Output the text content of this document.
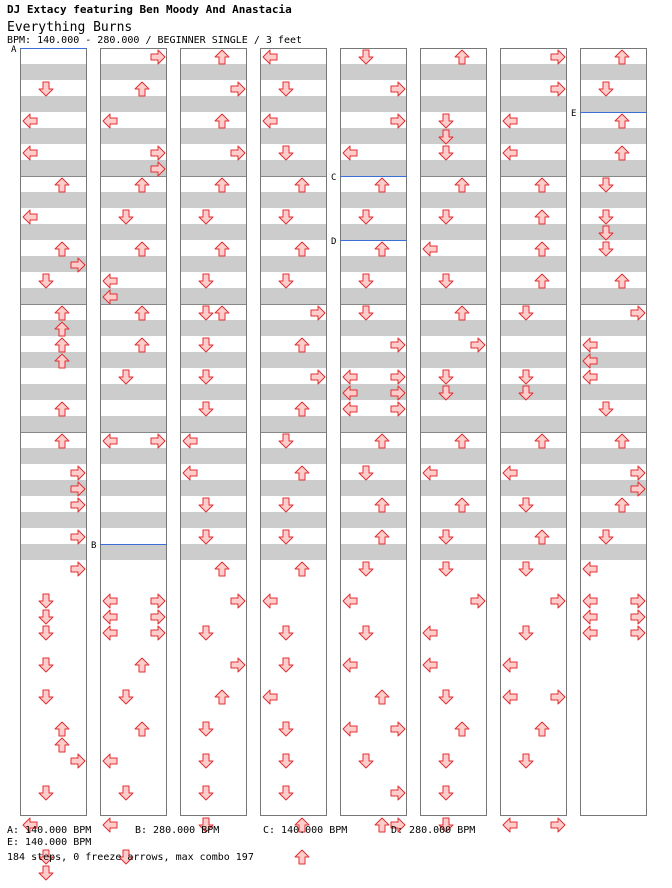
DJ Extacy featuring Ben Moody And Anastacia
Everything Burns
BPM: 140.000 - 280.000 / BEGINNER SINGLE / 3 feet
A
B
C
D
E
A: 140.000 BPM	B: 280.000 BPM	C: 140.000 BPM	D: 280.000 BPM
E: 140.000 BPM
184 steps, 0 freeze arrows, max combo 197
